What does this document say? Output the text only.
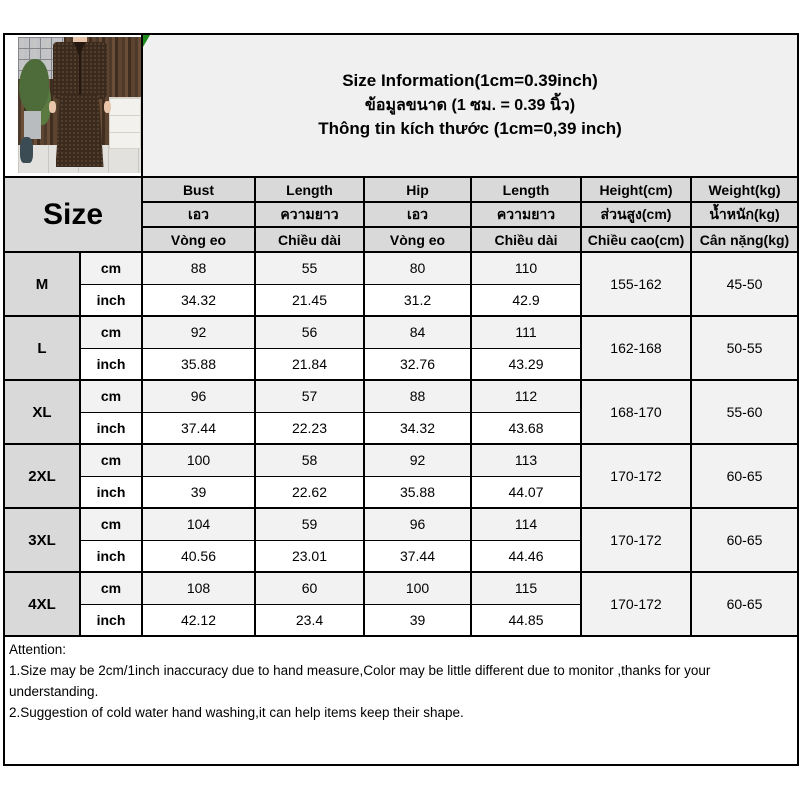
		Size Information(1cm=0.39inch)
ข้อมูลขนาด (1 ซม. = 0.39 นิ้ว)
Thông tin kích thước (1cm=0,39 inch)					

Size		Bust	Length	Hip	Length	Height(cm)	Weight(kg)
		เอว	ความยาว	เอว	ความยาว	ส่วนสูง(cm)	น้ำหนัก(kg)
		Vòng eo	Chiều dài	Vòng eo	Chiều dài	Chiều cao(cm)	Cân nặng(kg)
M	cm	88	55	80	110	155-162	45-50
	inch	34.32	21.45	31.2	42.9		
L	cm	92	56	84	111	162-168	50-55
	inch	35.88	21.84	32.76	43.29		
XL	cm	96	57	88	112	168-170	55-60
	inch	37.44	22.23	34.32	43.68		
2XL	cm	100	58	92	113	170-172	60-65
	inch	39	22.62	35.88	44.07		
3XL	cm	104	59	96	114	170-172	60-65
	inch	40.56	23.01	37.44	44.46		
4XL	cm	108	60	100	115	170-172	60-65
	inch	42.12	23.4	39	44.85		

Attention:
1.Size may be 2cm/1inch inaccuracy due to hand measure,Color may be little different due to monitor ,thanks for your understanding.
2.Suggestion of cold water hand washing,it can help items keep their shape.							
